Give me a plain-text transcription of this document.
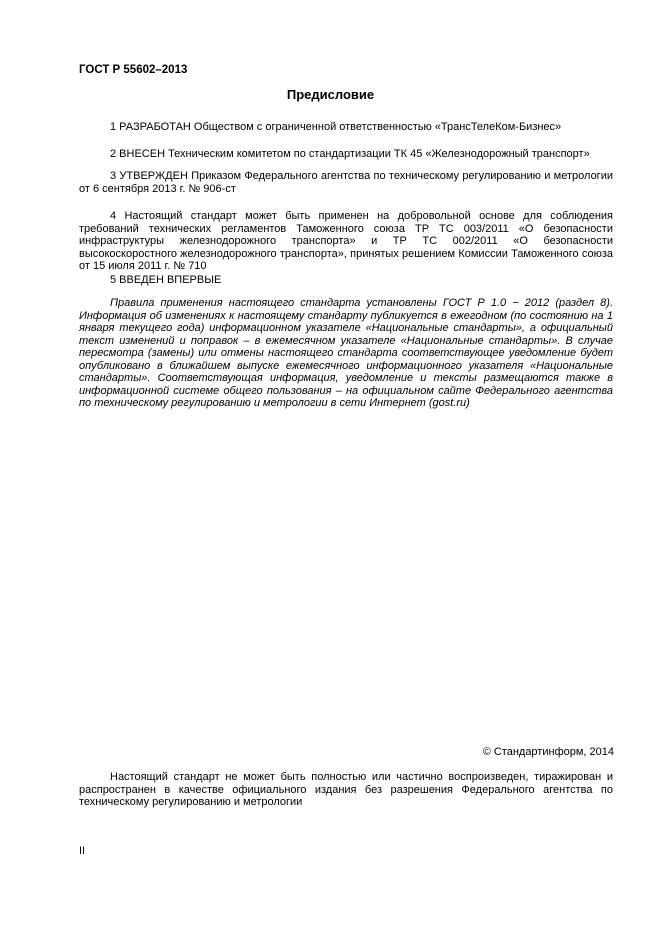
ГОСТ Р 55602–2013
Предисловие
1 РАЗРАБОТАН Обществом с ограниченной ответственностью «ТрансТелеКом-Бизнес»
2 ВНЕСЕН Техническим комитетом по стандартизации ТК 45 «Железнодорожный транспорт»
3 УТВЕРЖДЕН Приказом Федерального агентства по техническому регулированию и метрологии от 6 сентября 2013 г. № 906-ст
4 Настоящий стандарт может быть применен на добровольной основе для соблюдения требований технических регламентов Таможенного союза ТР ТС 003/2011 «О безопасности инфраструктуры железнодорожного транспорта» и ТР ТС 002/2011 «О безопасности высокоскоростного железнодорожного транспорта», принятых решением Комиссии Таможенного союза от 15 июля 2011 г. № 710
5 ВВЕДЕН ВПЕРВЫЕ
Правила применения настоящего стандарта установлены ГОСТ Р 1.0 − 2012 (раздел 8). Информация об изменениях к настоящему стандарту публикуется в ежегодном (по состоянию на 1 января текущего года) информационном указателе «Национальные стандарты», а официальный текст изменений и поправок – в ежемесячном указателе «Национальные стандарты». В случае пересмотра (замены) или отмены настоящего стандарта соответствующее уведомление будет опубликовано в ближайшем выпуске ежемесячного информационного указателя «Национальные стандарты». Соответствующая информация, уведомление и тексты размещаются также в информационной системе общего пользования – на официальном сайте Федерального агентства по техническому регулированию и метрологии в сети Интернет (gost.ru)
© Стандартинформ, 2014
Настоящий стандарт не может быть полностью или частично воспроизведен, тиражирован и распространен в качестве официального издания без разрешения Федерального агентства по техническому регулированию и метрологии
II
